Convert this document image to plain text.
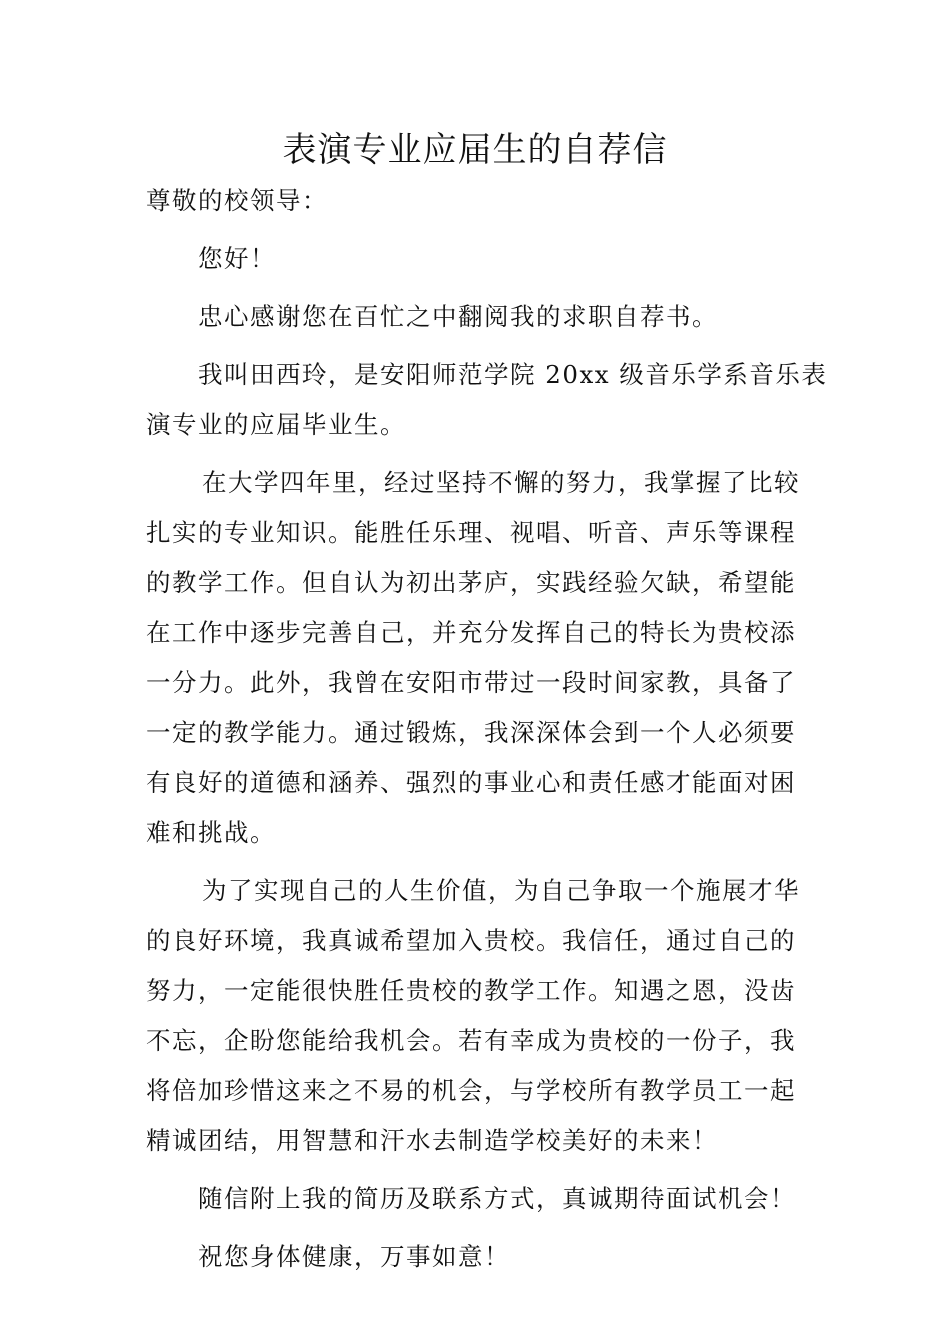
表演专业应届生的自荐信
尊敬的校领导：
您好！
忠心感谢您在百忙之中翻阅我的求职自荐书。
我叫田西玲，是安阳师范学院 20xx 级音乐学系音乐表
演专业的应届毕业生。
在大学四年里，经过坚持不懈的努力，我掌握了比较
扎实的专业知识。能胜任乐理、视唱、听音、声乐等课程
的教学工作。但自认为初出茅庐，实践经验欠缺，希望能
在工作中逐步完善自己，并充分发挥自己的特长为贵校添
一分力。此外，我曾在安阳市带过一段时间家教，具备了
一定的教学能力。通过锻炼，我深深体会到一个人必须要
有良好的道德和涵养、强烈的事业心和责任感才能面对困
难和挑战。
为了实现自己的人生价值，为自己争取一个施展才华
的良好环境，我真诚希望加入贵校。我信任，通过自己的
努力，一定能很快胜任贵校的教学工作。知遇之恩，没齿
不忘，企盼您能给我机会。若有幸成为贵校的一份子，我
将倍加珍惜这来之不易的机会，与学校所有教学员工一起
精诚团结，用智慧和汗水去制造学校美好的未来！
随信附上我的简历及联系方式，真诚期待面试机会！
祝您身体健康，万事如意！
